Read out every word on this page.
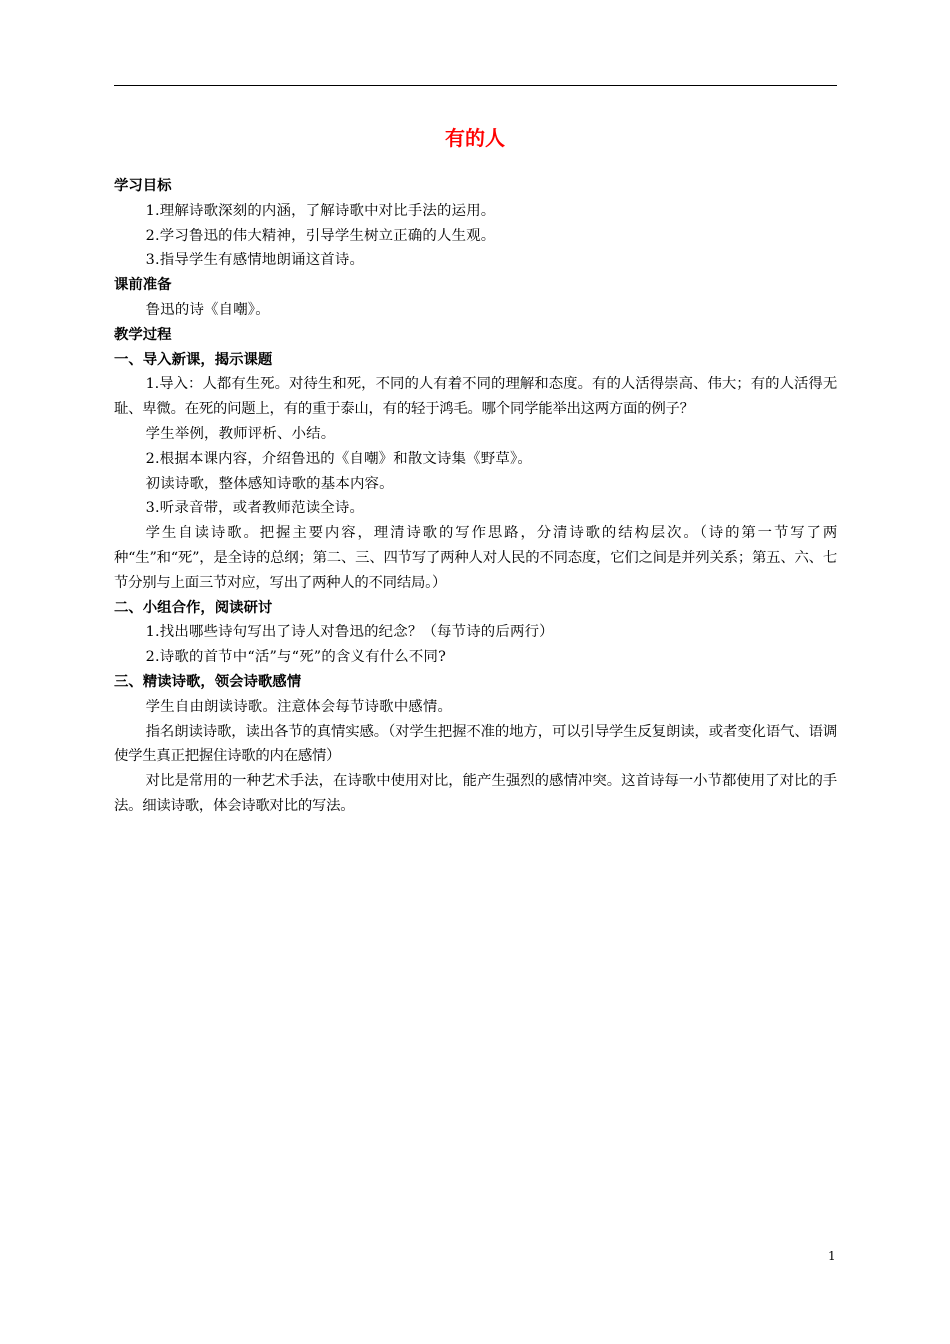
有的人
学习目标
1.理解诗歌深刻的内涵，了解诗歌中对比手法的运用。
2.学习鲁迅的伟大精神，引导学生树立正确的人生观。
3.指导学生有感情地朗诵这首诗。
课前准备
鲁迅的诗《自嘲》。
教学过程
一、导入新课，揭示课题
1.导入：人都有生死。对待生和死，不同的人有着不同的理解和态度。有的人活得崇高、伟大；有的人活得无耻、卑微。在死的问题上，有的重于泰山，有的轻于鸿毛。哪个同学能举出这两方面的例子？
学生举例，教师评析、小结。
2.根据本课内容，介绍鲁迅的《自嘲》和散文诗集《野草》。
初读诗歌，整体感知诗歌的基本内容。
3.听录音带，或者教师范读全诗。
学生自读诗歌。把握主要内容，理清诗歌的写作思路，分清诗歌的结构层次。（诗的第一节写了两种“生”和“死”，是全诗的总纲；第二、三、四节写了两种人对人民的不同态度，它们之间是并列关系；第五、六、七节分别与上面三节对应，写出了两种人的不同结局。）
二、小组合作，阅读研讨
1.找出哪些诗句写出了诗人对鲁迅的纪念？（每节诗的后两行）
2.诗歌的首节中“活”与“死”的含义有什么不同?
三、精读诗歌，领会诗歌感情
学生自由朗读诗歌。注意体会每节诗歌中感情。
指名朗读诗歌，读出各节的真情实感。（对学生把握不准的地方，可以引导学生反复朗读，或者变化语气、语调使学生真正把握住诗歌的内在感情）
对比是常用的一种艺术手法，在诗歌中使用对比，能产生强烈的感情冲突。这首诗每一小节都使用了对比的手法。细读诗歌，体会诗歌对比的写法。
1
